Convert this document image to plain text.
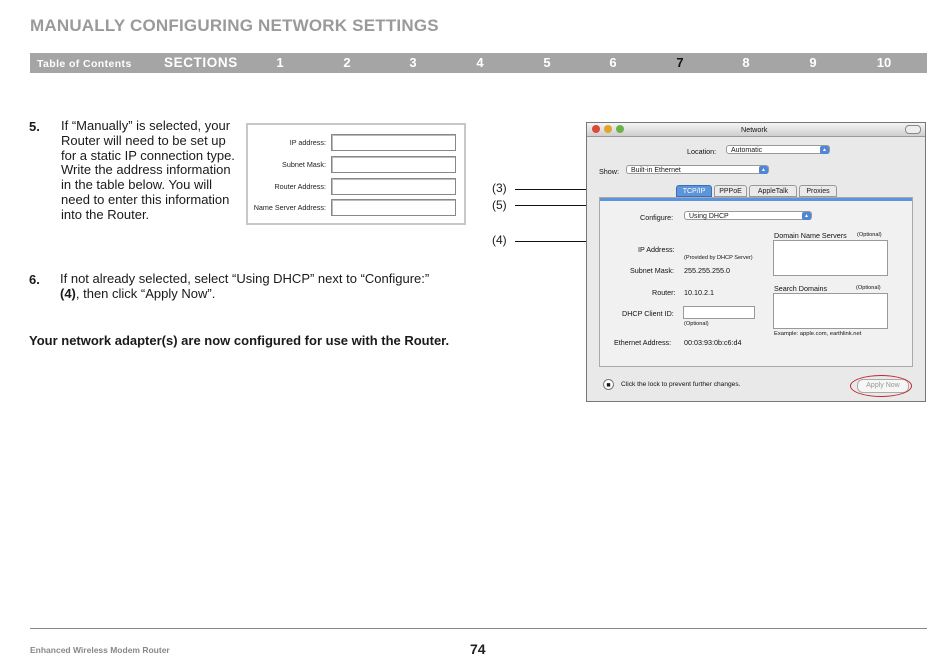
MANUALLY CONFIGURING NETWORK SETTINGS
Table of Contents SECTIONS	1	2	3	4	5	6	7	8	9	10
5. If “Manually” is selected, your Router will need to be set up for a static IP connection type. Write the address information in the table below. You will need to enter this information into the Router.
IP address:
Subnet Mask:
Router Address:
Name Server Address:
6. If not already selected, select “Using DHCP” next to “Configure:”
(4), then click “Apply Now”.
Your network adapter(s) are now configured for use with the Router.
(3)
(5)
(4)
Network
Location:	Automatic	▲
Show:	Built-in Ethernet	▲
TCP/IP	PPPoE	AppleTalk	Proxies
Configure:	Using DHCP	▲
IP Address:
(Provided by DHCP Server)
Subnet Mask: 255.255.255.0
Router: 10.10.2.1
DHCP Client ID:
(Optional)
Ethernet Address: 00:03:93:0b:c6:d4
Domain Name Servers (Optional)
Search Domains	(Optional)
Example: apple.com, earthlink.net
■	Click the lock to prevent further changes.	Apply Now
Enhanced Wireless Modem Router	74
